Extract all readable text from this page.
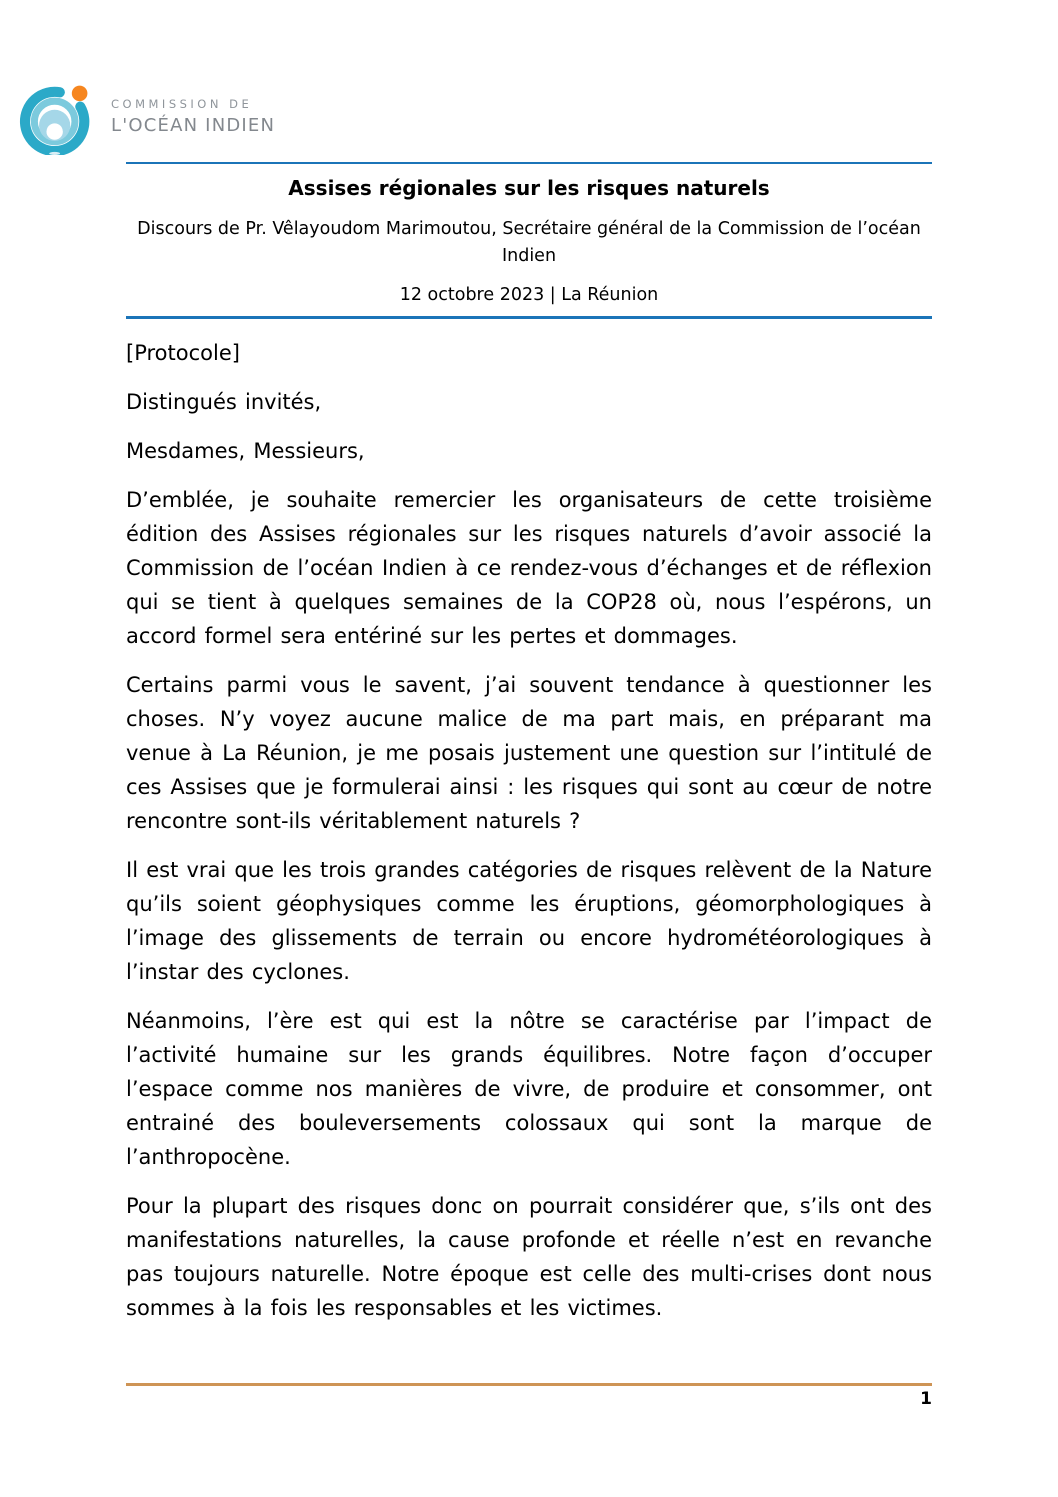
COMMISSION DE
L'OCÉAN INDIEN
Assises régionales sur les risques naturels
Discours de Pr. Vêlayoudom Marimoutou, Secrétaire général de la Commission de l’océan Indien
12 octobre 2023 | La Réunion

[Protocole]

Distingués invités,

Mesdames, Messieurs,

D’emblée, je souhaite remercier les organisateurs de cette troisième édition des Assises régionales sur les risques naturels d’avoir associé la Commission de l’océan Indien à ce rendez-vous d’échanges et de réflexion qui se tient à quelques semaines de la COP28 où, nous l’espérons, un accord formel sera entériné sur les pertes et dommages.

Certains parmi vous le savent, j’ai souvent tendance à questionner les choses. N’y voyez aucune malice de ma part mais, en préparant ma venue à La Réunion, je me posais justement une question sur l’intitulé de ces Assises que je formulerai ainsi : les risques qui sont au cœur de notre rencontre sont-ils véritablement naturels ?

Il est vrai que les trois grandes catégories de risques relèvent de la Nature qu’ils soient géophysiques comme les éruptions, géomorphologiques à l’image des glissements de terrain ou encore hydrométéorologiques à l’instar des cyclones.

Néanmoins, l’ère est qui est la nôtre se caractérise par l’impact de l’activité humaine sur les grands équilibres. Notre façon d’occuper l’espace comme nos manières de vivre, de produire et consommer, ont entrainé des bouleversements colossaux qui sont la marque de l’anthropocène.

Pour la plupart des risques donc on pourrait considérer que, s’ils ont des manifestations naturelles, la cause profonde et réelle n’est en revanche pas toujours naturelle. Notre époque est celle des multi-crises dont nous sommes à la fois les responsables et les victimes.

1
